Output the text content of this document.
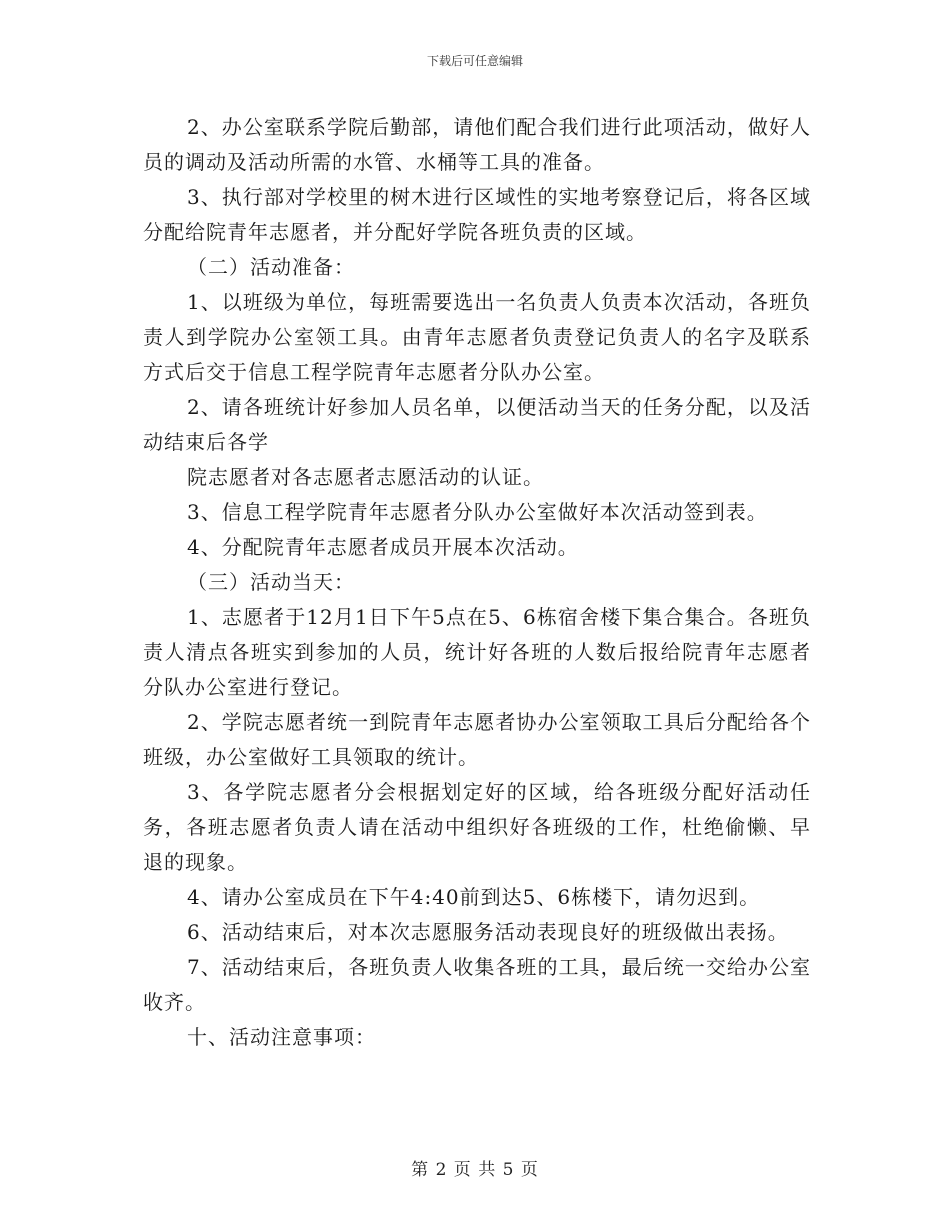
下载后可任意编辑

2、办公室联系学院后勤部，请他们配合我们进行此项活动，做好人员的调动及活动所需的水管、水桶等工具的准备。

3、执行部对学校里的树木进行区域性的实地考察登记后，将各区域分配给院青年志愿者，并分配好学院各班负责的区域。

（二）活动准备：

1、以班级为单位，每班需要选出一名负责人负责本次活动，各班负责人到学院办公室领工具。由青年志愿者负责登记负责人的名字及联系方式后交于信息工程学院青年志愿者分队办公室。

2、请各班统计好参加人员名单，以便活动当天的任务分配，以及活动结束后各学

院志愿者对各志愿者志愿活动的认证。

3、信息工程学院青年志愿者分队办公室做好本次活动签到表。

4、分配院青年志愿者成员开展本次活动。

（三）活动当天：

1、志愿者于12月1日下午5点在5、6栋宿舍楼下集合集合。各班负责人清点各班实到参加的人员，统计好各班的人数后报给院青年志愿者分队办公室进行登记。

2、学院志愿者统一到院青年志愿者协办公室领取工具后分配给各个班级，办公室做好工具领取的统计。

3、各学院志愿者分会根据划定好的区域，给各班级分配好活动任务，各班志愿者负责人请在活动中组织好各班级的工作，杜绝偷懒、早退的现象。

4、请办公室成员在下午4:40前到达5、6栋楼下，请勿迟到。

6、活动结束后，对本次志愿服务活动表现良好的班级做出表扬。

7、活动结束后，各班负责人收集各班的工具，最后统一交给办公室收齐。

十、活动注意事项：

第 2 页 共 5 页
